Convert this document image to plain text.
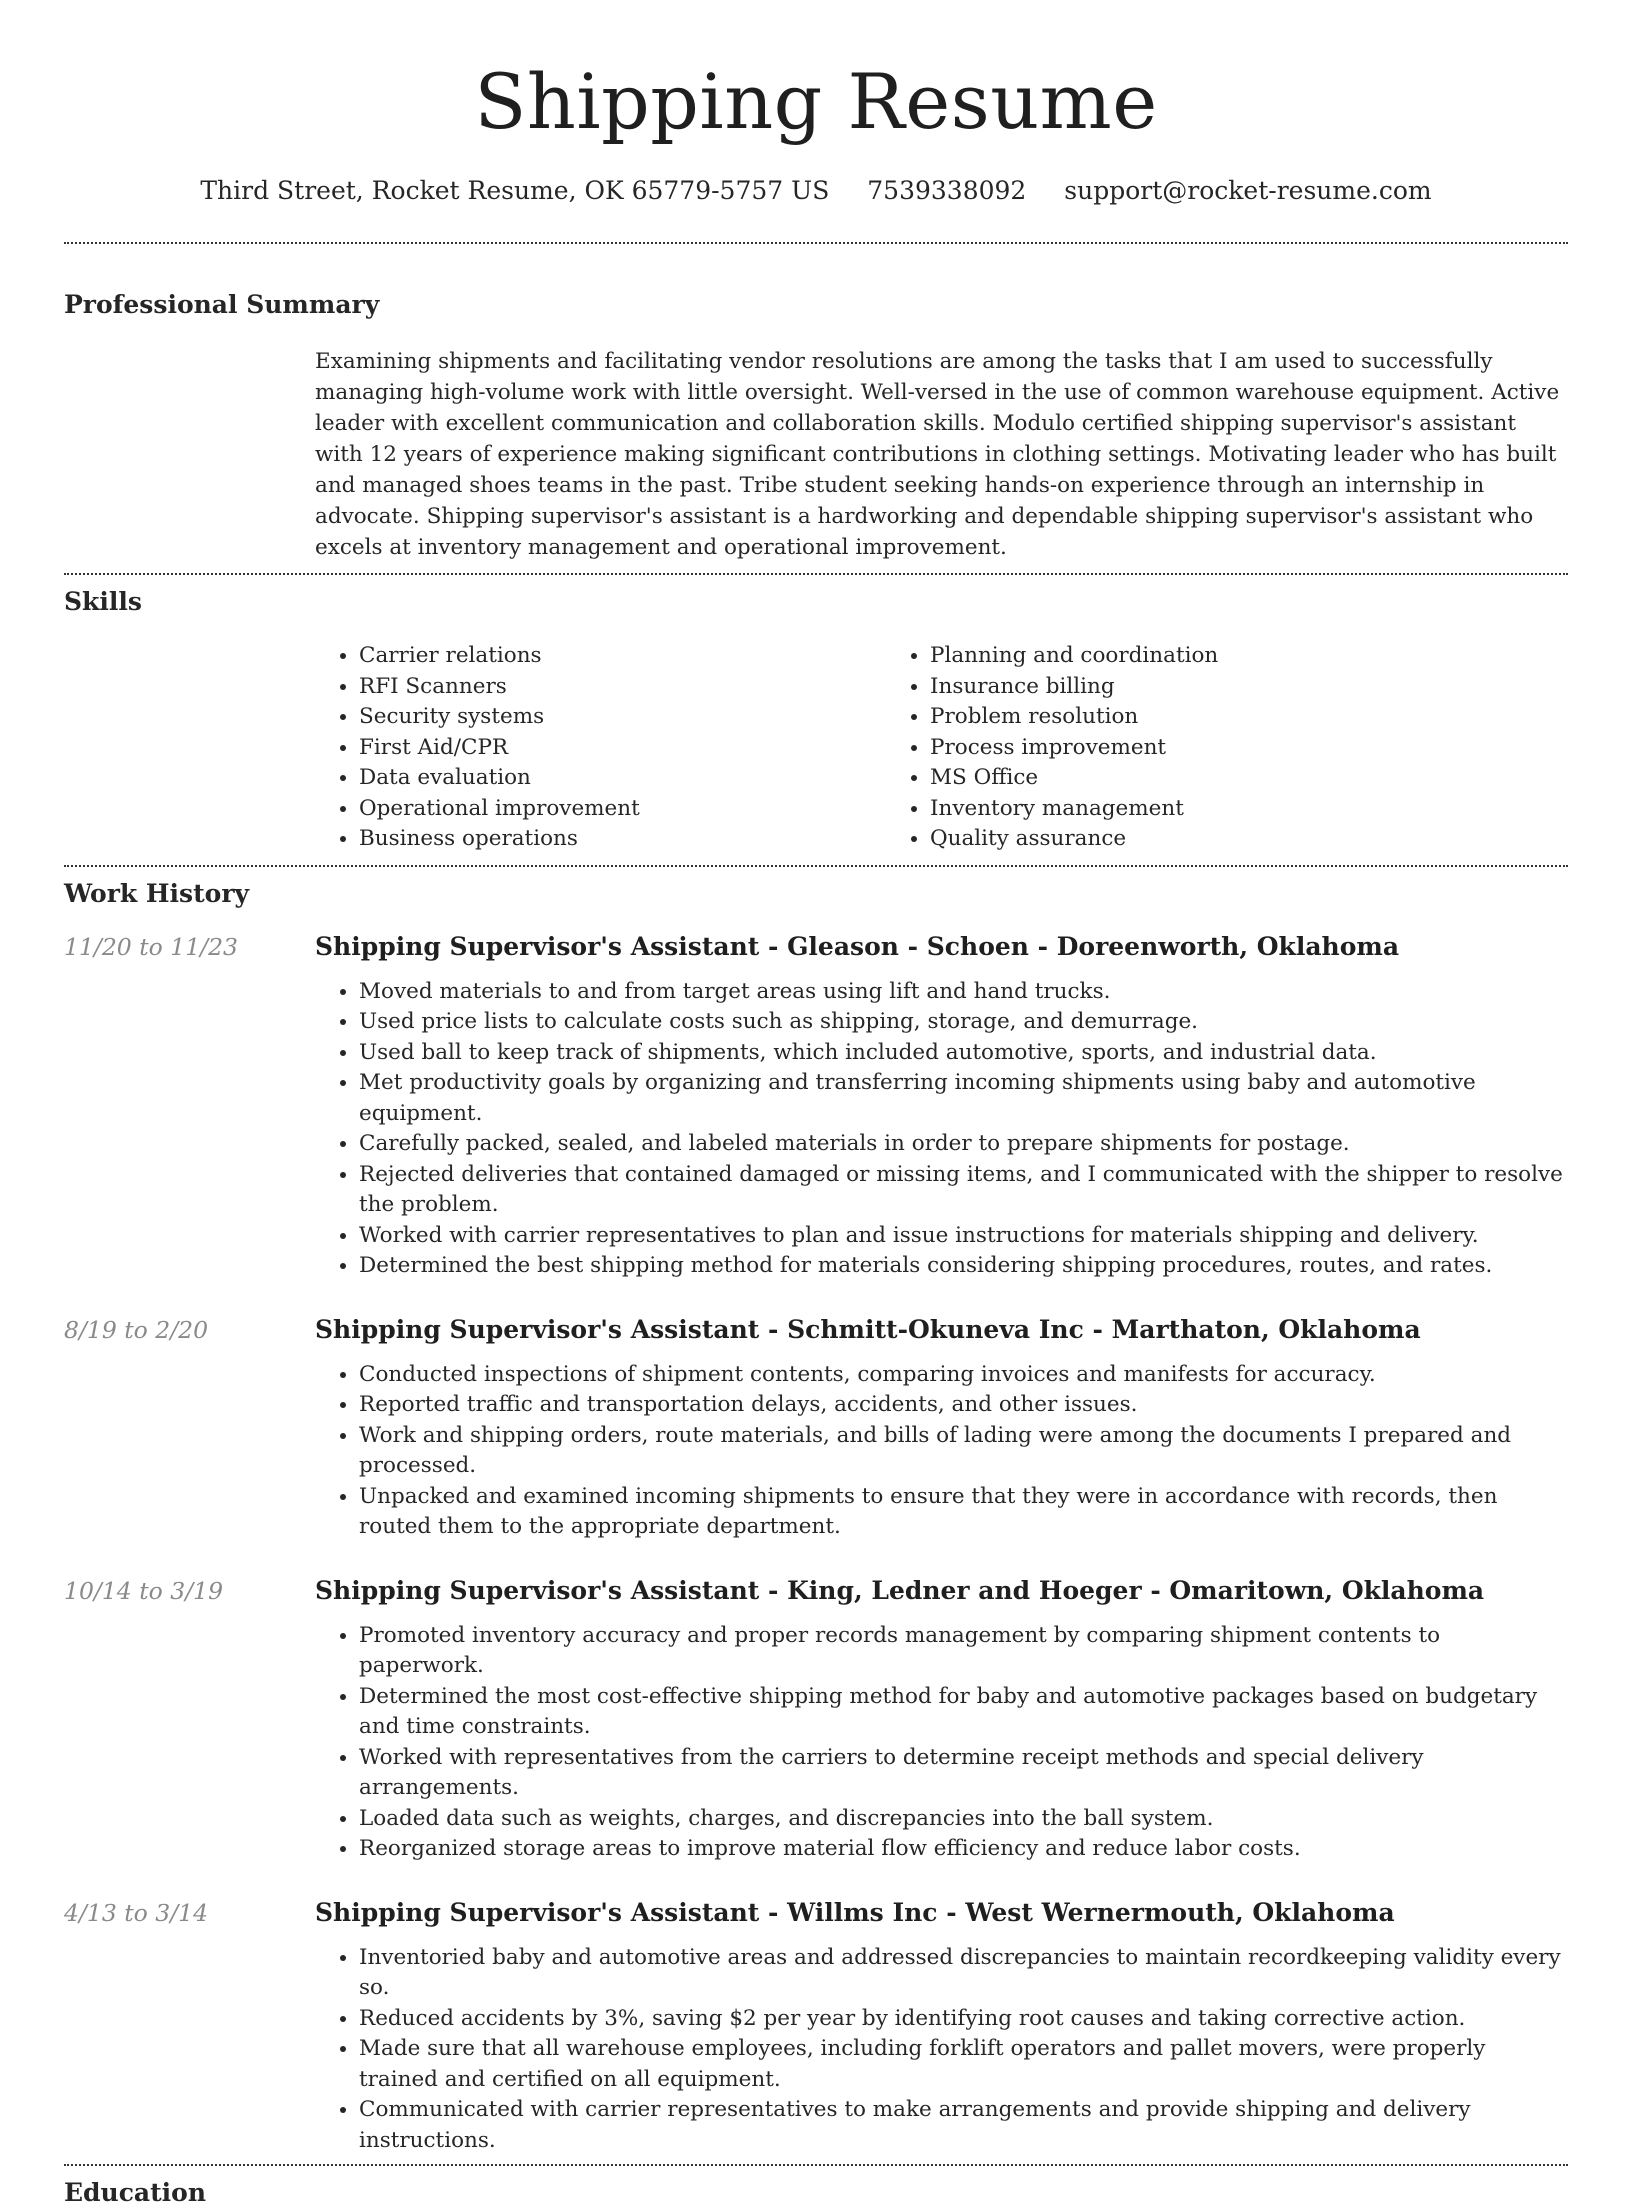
Shipping Resume
Third Street, Rocket Resume, OK 65779-5757 US 7539338092 support@rocket-resume.com
Professional Summary

Examining shipments and facilitating vendor resolutions are among the tasks that I am used to successfully managing high-volume work with little oversight. Well-versed in the use of common warehouse equipment. Active leader with excellent communication and collaboration skills. Modulo certified shipping supervisor's assistant with 12 years of experience making significant contributions in clothing settings. Motivating leader who has built and managed shoes teams in the past. Tribe student seeking hands-on experience through an internship in advocate. Shipping supervisor's assistant is a hardworking and dependable shipping supervisor's assistant who excels at inventory management and operational improvement.

Skills
• Carrier relations
• RFI Scanners
• Security systems
• First Aid/CPR
• Data evaluation
• Operational improvement
• Business operations
• Planning and coordination
• Insurance billing
• Problem resolution
• Process improvement
• MS Office
• Inventory management
• Quality assurance
Work History
11/20 to 11/23	Shipping Supervisor's Assistant - Gleason - Schoen - Doreenworth, Oklahoma
• Moved materials to and from target areas using lift and hand trucks.
• Used price lists to calculate costs such as shipping, storage, and demurrage.
• Used ball to keep track of shipments, which included automotive, sports, and industrial data.
• Met productivity goals by organizing and transferring incoming shipments using baby and automotive equipment.
• Carefully packed, sealed, and labeled materials in order to prepare shipments for postage.
• Rejected deliveries that contained damaged or missing items, and I communicated with the shipper to resolve the problem.
• Worked with carrier representatives to plan and issue instructions for materials shipping and delivery.
• Determined the best shipping method for materials considering shipping procedures, routes, and rates.
8/19 to 2/20	Shipping Supervisor's Assistant - Schmitt-Okuneva Inc - Marthaton, Oklahoma
• Conducted inspections of shipment contents, comparing invoices and manifests for accuracy.
• Reported traffic and transportation delays, accidents, and other issues.
• Work and shipping orders, route materials, and bills of lading were among the documents I prepared and processed.
• Unpacked and examined incoming shipments to ensure that they were in accordance with records, then routed them to the appropriate department.
10/14 to 3/19	Shipping Supervisor's Assistant - King, Ledner and Hoeger - Omaritown, Oklahoma
• Promoted inventory accuracy and proper records management by comparing shipment contents to paperwork.
• Determined the most cost-effective shipping method for baby and automotive packages based on budgetary and time constraints.
• Worked with representatives from the carriers to determine receipt methods and special delivery arrangements.
• Loaded data such as weights, charges, and discrepancies into the ball system.
• Reorganized storage areas to improve material flow efficiency and reduce labor costs.
4/13 to 3/14	Shipping Supervisor's Assistant - Willms Inc - West Wernermouth, Oklahoma
• Inventoried baby and automotive areas and addressed discrepancies to maintain recordkeeping validity every so.
• Reduced accidents by 3%, saving $2 per year by identifying root causes and taking corrective action.
• Made sure that all warehouse employees, including forklift operators and pallet movers, were properly trained and certified on all equipment.
• Communicated with carrier representatives to make arrangements and provide shipping and delivery instructions.
Education
